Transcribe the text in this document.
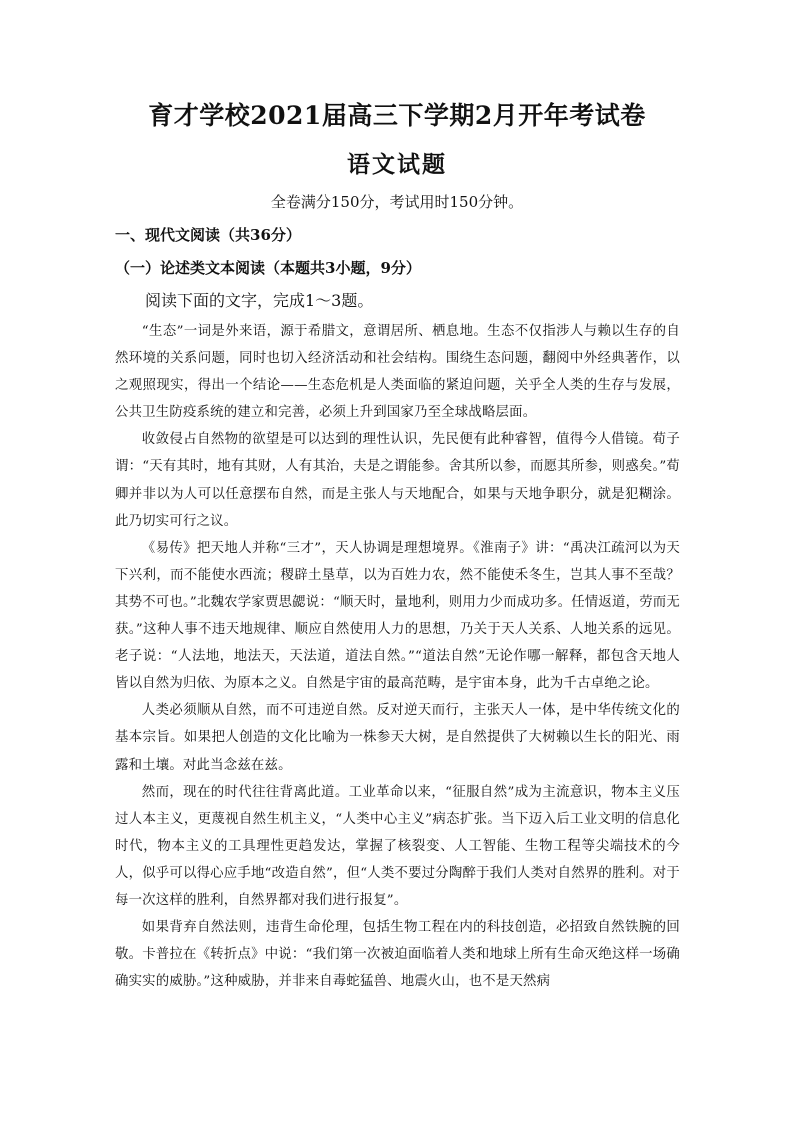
育才学校2021届高三下学期2月开年考试卷
语文试题
全卷满分150分，考试用时150分钟。
一、现代文阅读（共36分）
（一）论述类文本阅读（本题共3小题，9分）
阅读下面的文字，完成1～3题。

“生态”一词是外来语，源于希腊文，意谓居所、栖息地。生态不仅指涉人与赖以生存的自然环境的关系问题，同时也切入经济活动和社会结构。围绕生态问题，翻阅中外经典著作，以之观照现实，得出一个结论——生态危机是人类面临的紧迫问题，关乎全人类的生存与发展，公共卫生防疫系统的建立和完善，必须上升到国家乃至全球战略层面。

收敛侵占自然物的欲望是可以达到的理性认识，先民便有此种睿智，值得今人借镜。荀子谓：“天有其时，地有其财，人有其治，夫是之谓能参。舍其所以参，而愿其所参，则惑矣。”荀卿并非以为人可以任意摆布自然，而是主张人与天地配合，如果与天地争职分，就是犯糊涂。此乃切实可行之议。

《易传》把天地人并称“三才”，天人协调是理想境界。《淮南子》讲：“禹决江疏河以为天下兴利，而不能使水西流；稷辟土垦草，以为百姓力农，然不能使禾冬生，岂其人事不至哉？其势不可也。”北魏农学家贾思勰说：“顺天时，量地利，则用力少而成功多。任情返道，劳而无获。”这种人事不违天地规律、顺应自然使用人力的思想，乃关于天人关系、人地关系的远见。老子说：“人法地，地法天，天法道，道法自然。”“道法自然”无论作哪一解释，都包含天地人皆以自然为归依、为原本之义。自然是宇宙的最高范畴，是宇宙本身，此为千古卓绝之论。

人类必须顺从自然，而不可违逆自然。反对逆天而行，主张天人一体，是中华传统文化的基本宗旨。如果把人创造的文化比喻为一株参天大树，是自然提供了大树赖以生长的阳光、雨露和土壤。对此当念兹在兹。

然而，现在的时代往往背离此道。工业革命以来，“征服自然”成为主流意识，物本主义压过人本主义，更蔑视自然生机主义，“人类中心主义”病态扩张。当下迈入后工业文明的信息化时代，物本主义的工具理性更趋发达，掌握了核裂变、人工智能、生物工程等尖端技术的今人，似乎可以得心应手地“改造自然”，但“人类不要过分陶醉于我们人类对自然界的胜利。对于每一次这样的胜利，自然界都对我们进行报复”。

如果背弃自然法则，违背生命伦理，包括生物工程在内的科技创造，必招致自然铁腕的回敬。卡普拉在《转折点》中说：“我们第一次被迫面临着人类和地球上所有生命灭绝这样一场确确实实的威胁。”这种威胁，并非来自毒蛇猛兽、地震火山，也不是天然病
